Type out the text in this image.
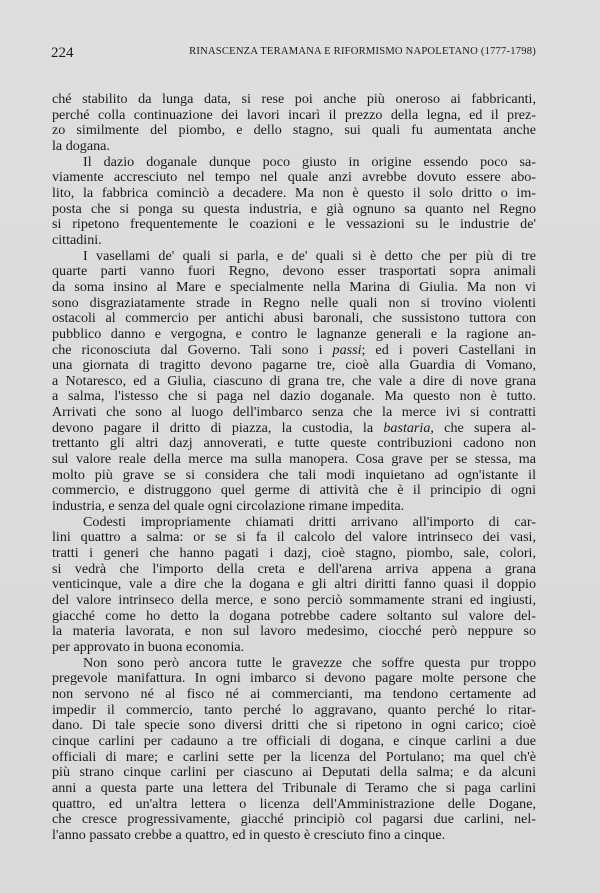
224	RINASCENZA TERAMANA E RIFORMISMO NAPOLETANO (1777-1798)
ché stabilito da lunga data, si rese poi anche più oneroso ai fabbricanti,
perché colla continuazione dei lavori incarì il prezzo della legna, ed il prez-
zo similmente del piombo, e dello stagno, sui quali fu aumentata anche
la dogana.
Il dazio doganale dunque poco giusto in origine essendo poco sa-
viamente accresciuto nel tempo nel quale anzi avrebbe dovuto essere abo-
lito, la fabbrica cominciò a decadere. Ma non è questo il solo dritto o im-
posta che si ponga su questa industria, e già ognuno sa quanto nel Regno
si ripetono frequentemente le coazioni e le vessazioni su le industrie de'
cittadini.
I vasellami de' quali si parla, e de' quali si è detto che per più di tre
quarte parti vanno fuori Regno, devono esser trasportati sopra animali
da soma insino al Mare e specialmente nella Marina di Giulia. Ma non vi
sono disgraziatamente strade in Regno nelle quali non si trovino violenti
ostacoli al commercio per antichi abusi baronali, che sussistono tuttora con
pubblico danno e vergogna, e contro le lagnanze generali e la ragione an-
che riconosciuta dal Governo. Tali sono i passi; ed i poveri Castellani in
una giornata di tragitto devono pagarne tre, cioè alla Guardia di Vomano,
a Notaresco, ed a Giulia, ciascuno di grana tre, che vale a dire di nove grana
a salma, l'istesso che si paga nel dazio doganale. Ma questo non è tutto.
Arrivati che sono al luogo dell'imbarco senza che la merce ivi si contratti
devono pagare il dritto di piazza, la custodia, la bastaria, che supera al-
trettanto gli altri dazj annoverati, e tutte queste contribuzioni cadono non
sul valore reale della merce ma sulla manopera. Cosa grave per se stessa, ma
molto più grave se si considera che tali modi inquietano ad ogn'istante il
commercio, e distruggono quel germe di attività che è il principio di ogni
industria, e senza del quale ogni circolazione rimane impedita.
Codesti impropriamente chiamati dritti arrivano all'importo di car-
lini quattro a salma: or se si fa il calcolo del valore intrinseco dei vasi,
tratti i generi che hanno pagati i dazj, cioè stagno, piombo, sale, colori,
si vedrà che l'importo della creta e dell'arena arriva appena a grana
venticinque, vale a dire che la dogana e gli altri diritti fanno quasi il doppio
del valore intrinseco della merce, e sono perciò sommamente strani ed ingiusti,
giacché come ho detto la dogana potrebbe cadere soltanto sul valore del-
la materia lavorata, e non sul lavoro medesimo, ciocché però neppure so
per approvato in buona economia.
Non sono però ancora tutte le gravezze che soffre questa pur troppo
pregevole manifattura. In ogni imbarco si devono pagare molte persone che
non servono né al fisco né ai commercianti, ma tendono certamente ad
impedir il commercio, tanto perché lo aggravano, quanto perché lo ritar-
dano. Di tale specie sono diversi dritti che si ripetono in ogni carico; cioè
cinque carlini per cadauno a tre officiali di dogana, e cinque carlini a due
officiali di mare; e carlini sette per la licenza del Portulano; ma quel ch'è
più strano cinque carlini per ciascuno ai Deputati della salma; e da alcuni
anni a questa parte una lettera del Tribunale di Teramo che si paga carlini
quattro, ed un'altra lettera o licenza dell'Amministrazione delle Dogane,
che cresce progressivamente, giacché principiò col pagarsi due carlini, nel-
l'anno passato crebbe a quattro, ed in questo è cresciuto fino a cinque.
